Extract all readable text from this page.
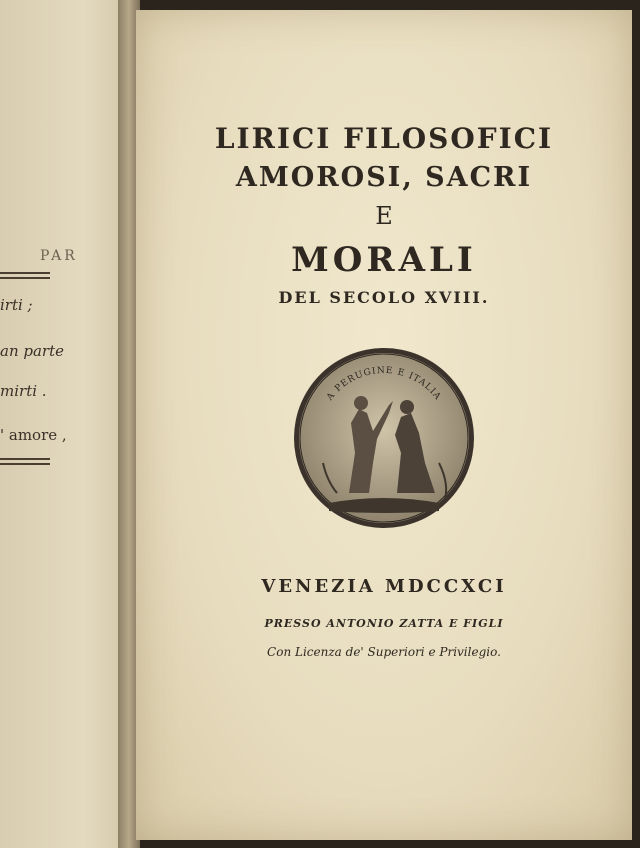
PAR
irti ;
an parte
mirti .
' amore ,
LIRICI FILOSOFICI
AMOROSI, SACRI
E
MORALI
DEL SECOLO XVIII.
A PERUGINE E ITALIA
VENEZIA MDCCXCI
PRESSO ANTONIO ZATTA E FIGLI
Con Licenza de' Superiori e Privilegio.
